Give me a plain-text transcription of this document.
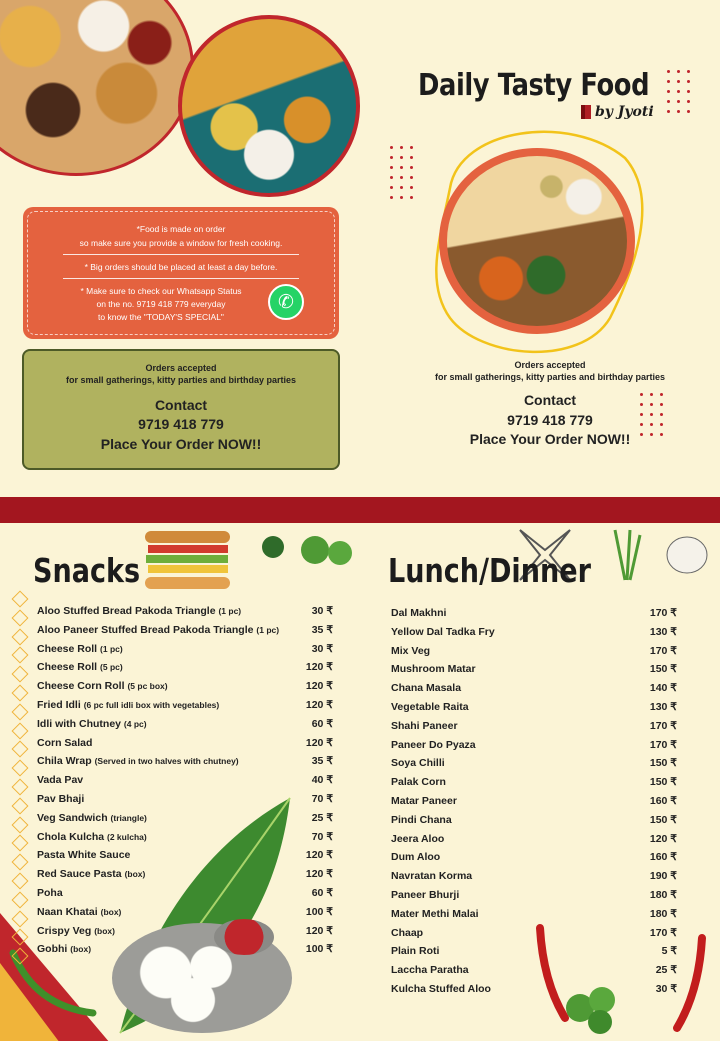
Daily Tasty Food
by Jyoti

*Food is made on order

so make sure you provide a window for fresh cooking.

* Big orders should be placed at least a day before.

* Make sure to check our Whatsapp Status

on the no. 9719 418 779 everyday

to know the "TODAY'S SPECIAL"

✆
Orders accepted
for small gatherings, kitty parties and birthday parties
Contact
9719 418 779
Place Your Order NOW!!
Orders accepted
for small gatherings, kitty parties and birthday parties
Contact
9719 418 779
Place Your Order NOW!!
Snacks	Lunch/Dinner
Aloo Stuffed Bread Pakoda Triangle (1 pc)	30 ₹
Aloo Paneer Stuffed Bread Pakoda Triangle (1 pc)	35 ₹
Cheese Roll (1 pc)	30 ₹
Cheese Roll (5 pc)	120 ₹
Cheese Corn Roll (5 pc box)	120 ₹
Fried Idli (6 pc full idli box with vegetables)	120 ₹
Idli with Chutney (4 pc)	60 ₹
Corn Salad	120 ₹
Chila Wrap (Served in two halves with chutney)	35 ₹
Vada Pav	40 ₹
Pav Bhaji	70 ₹
Veg Sandwich (triangle)	25 ₹
Chola Kulcha (2 kulcha)	70 ₹
Pasta White Sauce	120 ₹
Red Sauce Pasta (box)	120 ₹
Poha	60 ₹
Naan Khatai (box)	100 ₹
Crispy Veg (box)	120 ₹
Gobhi (box)	100 ₹
Dal Makhni	170 ₹
Yellow Dal Tadka Fry	130 ₹
Mix Veg	170 ₹
Mushroom Matar	150 ₹
Chana Masala	140 ₹
Vegetable Raita	130 ₹
Shahi Paneer	170 ₹
Paneer Do Pyaza	170 ₹
Soya Chilli	150 ₹
Palak Corn	150 ₹
Matar Paneer	160 ₹
Pindi Chana	150 ₹
Jeera Aloo	120 ₹
Dum Aloo	160 ₹
Navratan Korma	190 ₹
Paneer Bhurji	180 ₹
Mater Methi Malai	180 ₹
Chaap	170 ₹
Plain Roti	5 ₹
Laccha Paratha	25 ₹
Kulcha Stuffed Aloo	30 ₹
